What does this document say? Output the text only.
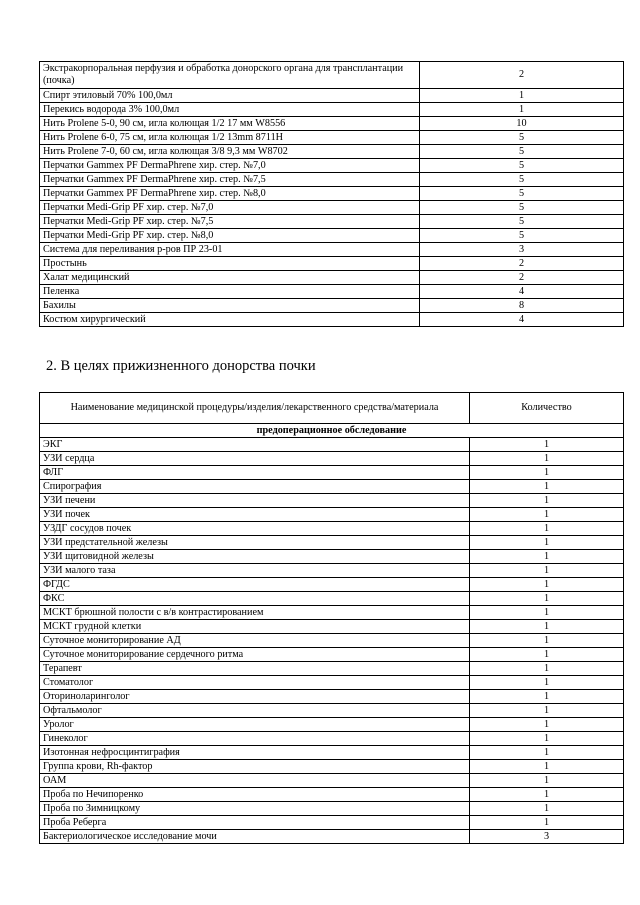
Экстракорпоральная перфузия и обработка донорского органа для трансплантации (почка)	2
Спирт этиловый 70% 100,0мл	1
Перекись водорода 3% 100,0мл	1
Нить Prolene 5-0, 90 см, игла колющая 1/2 17 мм W8556	10
Нить Prolene 6-0, 75 см, игла колющая 1/2 13mm 8711H	5
Нить Prolene 7-0, 60 см, игла колющая 3/8 9,3 мм W8702	5
Перчатки Gammex PF DermaPhrene хир. стер. №7,0	5
Перчатки Gammex PF DermaPhrene хир. стер. №7,5	5
Перчатки Gammex PF DermaPhrene хир. стер. №8,0	5
Перчатки Medi-Grip PF хир. стер. №7,0	5
Перчатки Medi-Grip PF хир. стер. №7,5	5
Перчатки Medi-Grip PF хир. стер. №8,0	5
Система для переливания р-ров ПР 23-01	3
Простынь	2
Халат медицинский	2
Пеленка	4
Бахилы	8
Костюм хирургический	4
2. В целях прижизненного донорства почки
Наименование медицинской процедуры/изделия/лекарственного средства/материала	Количество
предоперационное обследование	
ЭКГ	1
УЗИ сердца	1
ФЛГ	1
Спирография	1
УЗИ печени	1
УЗИ почек	1
УЗДГ сосудов почек	1
УЗИ предстательной железы	1
УЗИ щитовидной железы	1
УЗИ малого таза	1
ФГДС	1
ФКС	1
МСКТ брюшной полости с в/в контрастированием	1
МСКТ грудной клетки	1
Суточное мониторирование АД	1
Суточное мониторирование сердечного ритма	1
Терапевт	1
Стоматолог	1
Оториноларинголог	1
Офтальмолог	1
Уролог	1
Гинеколог	1
Изотонная нефросцинтиграфия	1
Группа крови, Rh-фактор	1
ОАМ	1
Проба по Нечипоренко	1
Проба по Зимницкому	1
Проба Реберга	1
Бактериологическое исследование мочи	3
